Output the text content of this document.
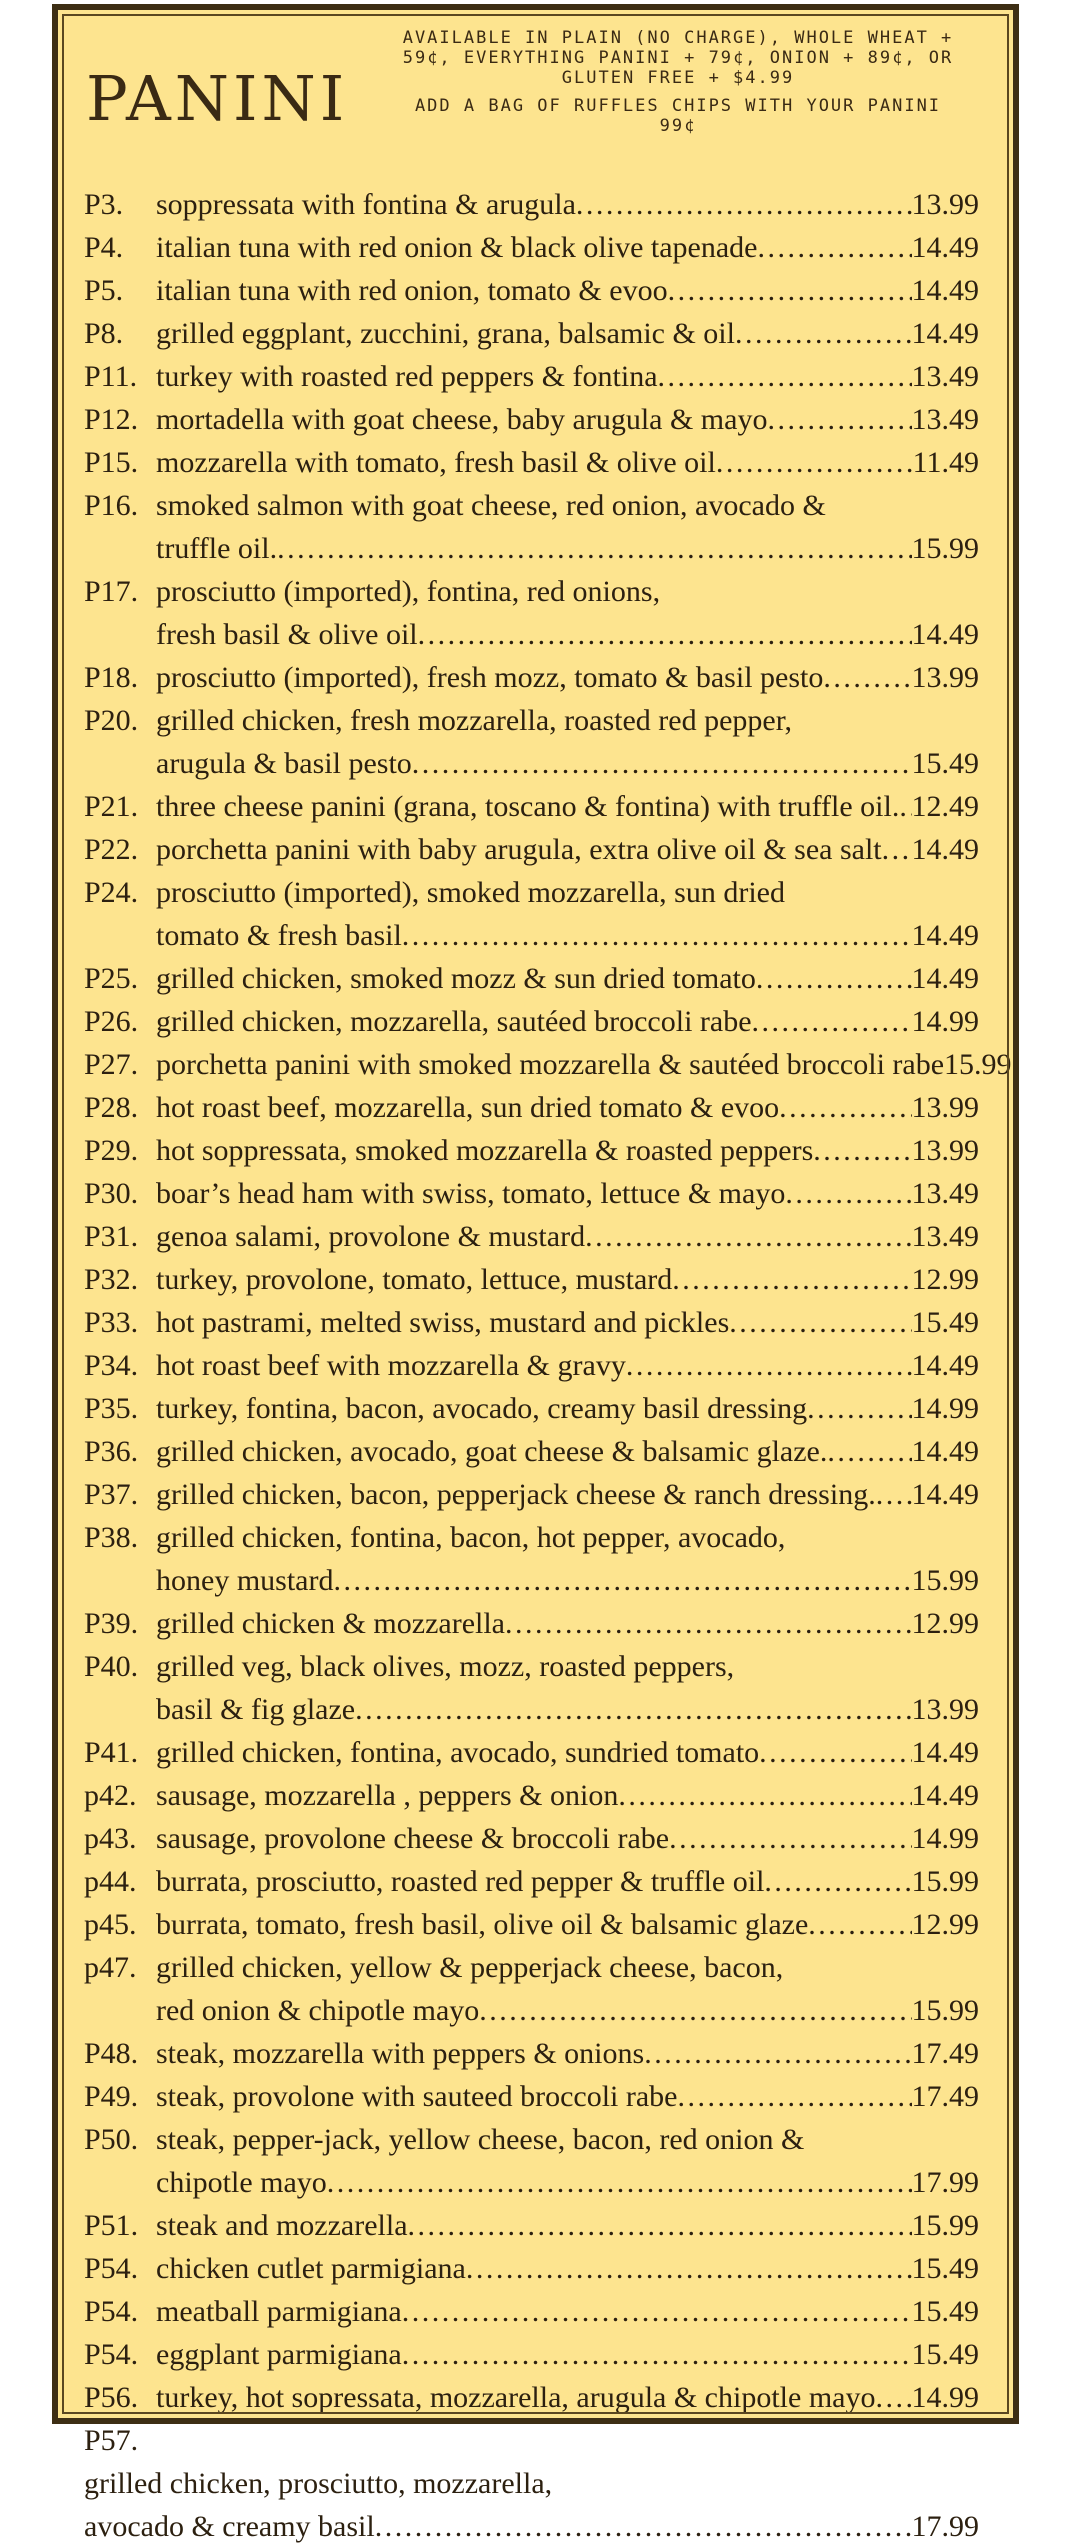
PANINI

AVAILABLE IN PLAIN (NO CHARGE), WHOLE WHEAT + 59¢, EVERYTHING PANINI + 79¢, ONION + 89¢, OR GLUTEN FREE + $4.99

ADD A BAG OF RUFFLES CHIPS WITH YOUR PANINI 99¢

P3.	soppressata with fontina & arugula .....	13.99
P4.	italian tuna with red onion & black olive tapenade .....	14.49
P5.	italian tuna with red onion, tomato & evoo .....	14.49
P8.	grilled eggplant, zucchini, grana, balsamic & oil .....	14.49
P11. turkey with roasted red peppers & fontina .....	13.49
P12. mortadella with goat cheese, baby arugula & mayo .....	13.49
P15. mozzarella with tomato, fresh basil & olive oil .....	11.49
P16. smoked salmon with goat cheese, red onion, avocado &
truffle oil. .....	15.99
P17. prosciutto (imported), fontina, red onions,
fresh basil & olive oil .....	14.49
P18. prosciutto (imported), fresh mozz, tomato & basil pesto .....	13.99
P20. grilled chicken, fresh mozzarella, roasted red pepper,
arugula & basil pesto .....	15.49
P21. three cheese panini (grana, toscano & fontina) with truffle oil. ..... 12.49
P22. porchetta panini with baby arugula, extra olive oil & sea salt ..... 14.49
P24. prosciutto (imported), smoked mozzarella, sun dried
tomato & fresh basil .....	14.49
P25. grilled chicken, smoked mozz & sun dried tomato .....	14.49
P26. grilled chicken, mozzarella, sautéed broccoli rabe .....	14.99
P27. porchetta panini with smoked mozzarella & sautéed broccoli rabe 15.99
P28. hot roast beef, mozzarella, sun dried tomato & evoo .....	13.99
P29. hot soppressata, smoked mozzarella & roasted peppers .....	13.99
P30. boar’s head ham with swiss, tomato, lettuce & mayo .....	13.49
P31. genoa salami, provolone & mustard .....	13.49
P32. turkey, provolone, tomato, lettuce, mustard .....	12.99
P33. hot pastrami, melted swiss, mustard and pickles .....	15.49
P34. hot roast beef with mozzarella & gravy .....	14.49
P35. turkey, fontina, bacon, avocado, creamy basil dressing .....	14.99
P36. grilled chicken, avocado, goat cheese & balsamic glaze. .....	14.49
P37. grilled chicken, bacon, pepperjack cheese & ranch dressing. ..... 14.49
P38. grilled chicken, fontina, bacon, hot pepper, avocado,
honey mustard .....	15.99
P39. grilled chicken & mozzarella .....	12.99
P40. grilled veg, black olives, mozz, roasted peppers,
basil & fig glaze .....	13.99
P41. grilled chicken, fontina, avocado, sundried tomato .....	14.49
p42. sausage, mozzarella , peppers & onion .....	14.49
p43. sausage, provolone cheese & broccoli rabe .....	14.99
p44. burrata, prosciutto, roasted red pepper & truffle oil .....	15.99
p45. burrata, tomato, fresh basil, olive oil & balsamic glaze .....	12.99
p47. grilled chicken, yellow & pepperjack cheese, bacon,
red onion & chipotle mayo .....	15.99
P48. steak, mozzarella with peppers & onions .....	17.49
P49. steak, provolone with sauteed broccoli rabe .....	17.49
P50. steak, pepper-jack, yellow cheese, bacon, red onion &
chipotle mayo .....	17.99
P51. steak and mozzarella .....	15.99
P54. chicken cutlet parmigiana .....	15.49
P54. meatball parmigiana .....	15.49
P54. eggplant parmigiana .....	15.49
P56. turkey, hot sopressata, mozzarella, arugula & chipotle mayo ..... 14.99
P57.
grilled chicken, prosciutto, mozzarella,
avocado & creamy basil .....	17.99
